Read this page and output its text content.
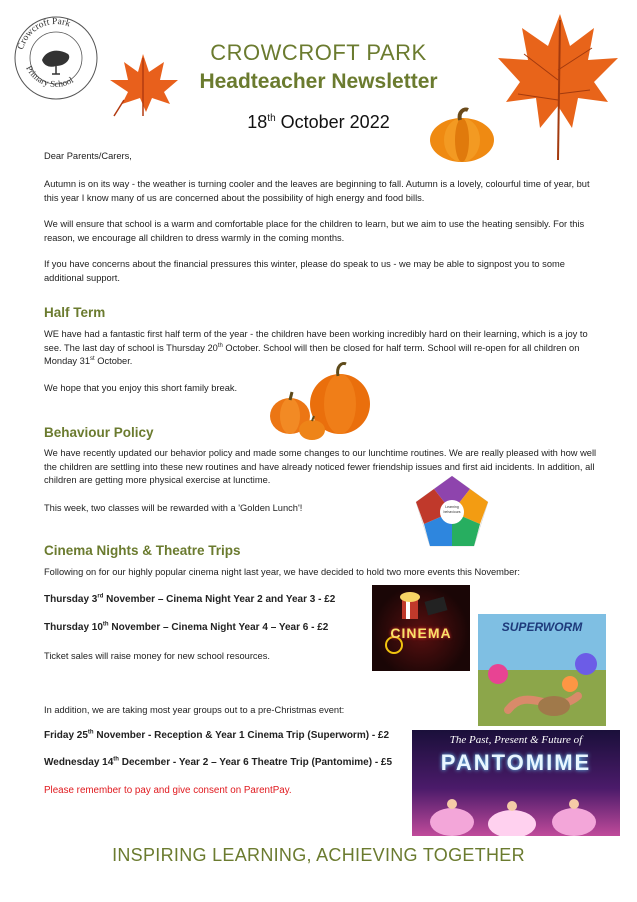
Crowcroft Park
Primary School
CROWCROFT PARK
Headteacher Newsletter
18th October 2022

Dear Parents/Carers,

Autumn is on its way - the weather is turning cooler and the leaves are beginning to fall. Autumn is a lovely, colourful time of year, but this year I know many of us are concerned about the possibility of high energy and food bills.

We will ensure that school is a warm and comfortable place for the children to learn, but we aim to use the heating sensibly. For this reason, we encourage all children to dress warmly in the coming months.

If you have concerns about the financial pressures this winter, please do speak to us - we may be able to signpost you to some additional support.

Half Term

WE have had a fantastic first half term of the year - the children have been working incredibly hard on their learning, which is a joy to see. The last day of school is Thursday 20th October. School will then be closed for half term. School will re-open for all children on Monday 31st October.

We hope that you enjoy this short family break.

Behaviour Policy

We have recently updated our behavior policy and made some changes to our lunchtime routines. We are really pleased with how well the children are settling into these new routines and have already noticed fewer friendship issues and first aid incidents. In addition, all children are getting more physical exercise at lunctime.

This week, two classes will be rewarded with a 'Golden Lunch'!	Learning behaviours
Cinema Nights & Theatre Trips

Following on for our highly popular cinema night last year, we have decided to hold two more events this November:

Thursday 3rd November – Cinema Night Year 2 and Year 3 - £2
Thursday 10th November – Cinema Night Year 4 – Year 6 - £2

Ticket sales will raise money for new school resources.

In addition, we are taking most year groups out to a pre-Christmas event:

Friday 25th November - Reception & Year 1 Cinema Trip (Superworm) - £2
Wednesday 14th December - Year 2 – Year 6 Theatre Trip (Pantomime) - £5

Please remember to pay and give consent on ParentPay.

CINEMA	SUPERWORM
The Past, Present & Future of
PANTOMIME
INSPIRING LEARNING, ACHIEVING TOGETHER
